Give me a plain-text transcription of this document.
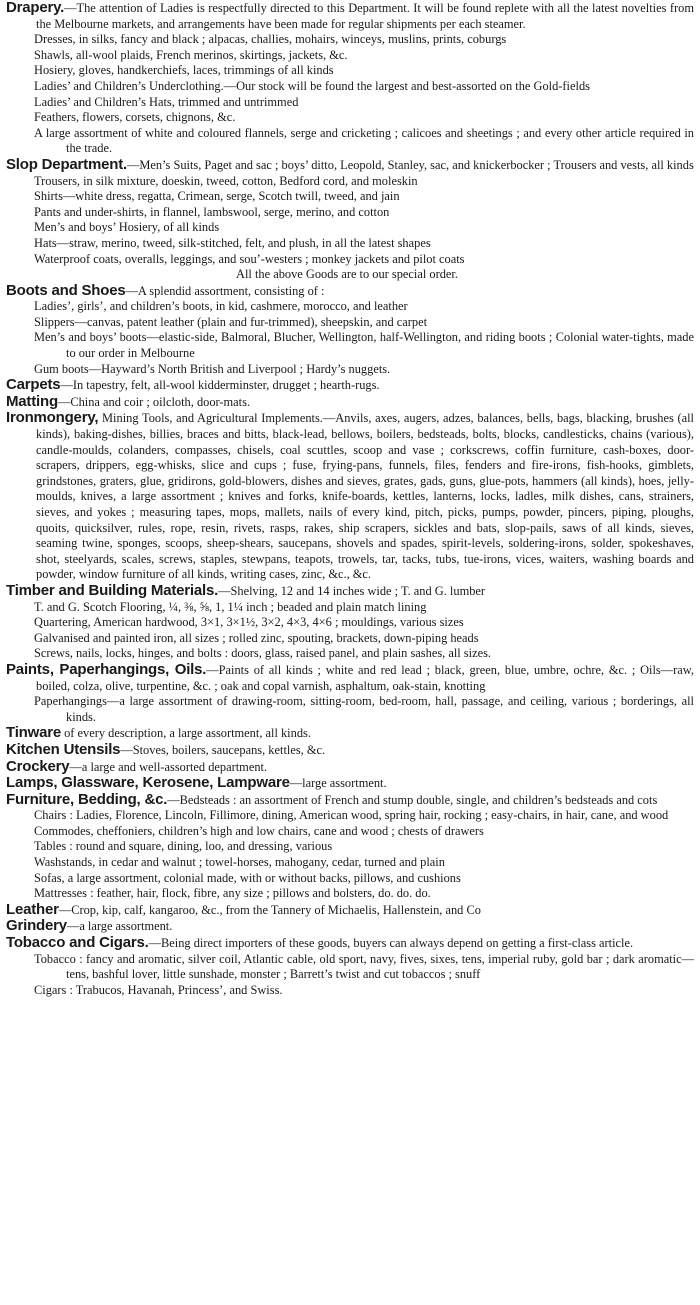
Drapery.—The attention of Ladies is respectfully directed to this Department. It will be found replete with all the latest novelties from the Melbourne markets, and arrangements have been made for regular shipments per each steamer.

Dresses, in silks, fancy and black ; alpacas, challies, mohairs, winceys, muslins, prints, coburgs

Shawls, all-wool plaids, French merinos, skirtings, jackets, &c.

Hosiery, gloves, handkerchiefs, laces, trimmings of all kinds

Ladies’ and Children’s Underclothing.—Our stock will be found the largest and best-assorted on the Gold-fields

Ladies’ and Children’s Hats, trimmed and untrimmed

Feathers, flowers, corsets, chignons, &c.

A large assortment of white and coloured flannels, serge and cricketing ; calicoes and sheetings ; and every other article required in the trade.

Slop Department.—Men’s Suits, Paget and sac ; boys’ ditto, Leopold, Stanley, sac, and knickerbocker ; Trousers and vests, all kinds

Trousers, in silk mixture, doeskin, tweed, cotton, Bedford cord, and moleskin

Shirts—white dress, regatta, Crimean, serge, Scotch twill, tweed, and jain

Pants and under-shirts, in flannel, lambswool, serge, merino, and cotton

Men’s and boys’ Hosiery, of all kinds

Hats—straw, merino, tweed, silk-stitched, felt, and plush, in all the latest shapes

Waterproof coats, overalls, leggings, and sou’-westers ; monkey jackets and pilot coats

All the above Goods are to our special order.

Boots and Shoes—A splendid assortment, consisting of :

Ladies’, girls’, and children’s boots, in kid, cashmere, morocco, and leather

Slippers—canvas, patent leather (plain and fur-trimmed), sheepskin, and carpet

Men’s and boys’ boots—elastic-side, Balmoral, Blucher, Wellington, half-Wellington, and riding boots ; Colonial water-tights, made to our order in Melbourne

Gum boots—Hayward’s North British and Liverpool ; Hardy’s nuggets.

Carpets—In tapestry, felt, all-wool kidderminster, drugget ; hearth-rugs.

Matting—China and coir ; oilcloth, door-mats.

Ironmongery, Mining Tools, and Agricultural Implements.—Anvils, axes, augers, adzes, balances, bells, bags, blacking, brushes (all kinds), baking-dishes, billies, braces and bitts, black-lead, bellows, boilers, bedsteads, bolts, blocks, candlesticks, chains (various), candle-moulds, colanders, compasses, chisels, coal scuttles, scoop and vase ; corkscrews, coffin furniture, cash-boxes, door-scrapers, drippers, egg-whisks, slice and cups ; fuse, frying-pans, funnels, files, fenders and fire-irons, fish-hooks, gimblets, grindstones, graters, glue, gridirons, gold-blowers, dishes and sieves, grates, gads, guns, glue-pots, hammers (all kinds), hoes, jelly-moulds, knives, a large assortment ; knives and forks, knife-boards, kettles, lanterns, locks, ladles, milk dishes, cans, strainers, sieves, and yokes ; measuring tapes, mops, mallets, nails of every kind, pitch, picks, pumps, powder, pincers, piping, ploughs, quoits, quicksilver, rules, rope, resin, rivets, rasps, rakes, ship scrapers, sickles and bats, slop-pails, saws of all kinds, sieves, seaming twine, sponges, scoops, sheep-shears, saucepans, shovels and spades, spirit-levels, soldering-irons, solder, spokeshaves, shot, steelyards, scales, screws, staples, stewpans, teapots, trowels, tar, tacks, tubs, tue-irons, vices, waiters, washing boards and powder, window furniture of all kinds, writing cases, zinc, &c., &c.

Timber and Building Materials.—Shelving, 12 and 14 inches wide ; T. and G. lumber

T. and G. Scotch Flooring, ¼, ⅜, ⅝, 1, 1¼ inch ; beaded and plain match lining

Quartering, American hardwood, 3×1, 3×1½, 3×2, 4×3, 4×6 ; mouldings, various sizes

Galvanised and painted iron, all sizes ; rolled zinc, spouting, brackets, down-piping heads

Screws, nails, locks, hinges, and bolts : doors, glass, raised panel, and plain sashes, all sizes.

Paints, Paperhangings, Oils.—Paints of all kinds ; white and red lead ; black, green, blue, umbre, ochre, &c. ; Oils—raw, boiled, colza, olive, turpentine, &c. ; oak and copal varnish, asphaltum, oak-stain, knotting

Paperhangings—a large assortment of drawing-room, sitting-room, bed-room, hall, passage, and ceiling, various ; borderings, all kinds.

Tinware of every description, a large assortment, all kinds.

Kitchen Utensils—Stoves, boilers, saucepans, kettles, &c.

Crockery—a large and well-assorted department.

Lamps, Glassware, Kerosene, Lampware—large assortment.

Furniture, Bedding, &c.—Bedsteads : an assortment of French and stump double, single, and children’s bedsteads and cots

Chairs : Ladies, Florence, Lincoln, Fillimore, dining, American wood, spring hair, rocking ; easy-chairs, in hair, cane, and wood

Commodes, cheffoniers, children’s high and low chairs, cane and wood ; chests of drawers

Tables : round and square, dining, loo, and dressing, various

Washstands, in cedar and walnut ; towel-horses, mahogany, cedar, turned and plain

Sofas, a large assortment, colonial made, with or without backs, pillows, and cushions

Mattresses : feather, hair, flock, fibre, any size ; pillows and bolsters, do. do. do.

Leather—Crop, kip, calf, kangaroo, &c., from the Tannery of Michaelis, Hallenstein, and Co

Grindery—a large assortment.

Tobacco and Cigars.—Being direct importers of these goods, buyers can always depend on getting a first-class article.

Tobacco : fancy and aromatic, silver coil, Atlantic cable, old sport, navy, fives, sixes, tens, imperial ruby, gold bar ; dark aromatic—tens, bashful lover, little sunshade, monster ; Barrett’s twist and cut tobaccos ; snuff

Cigars : Trabucos, Havanah, Princess’, and Swiss.
